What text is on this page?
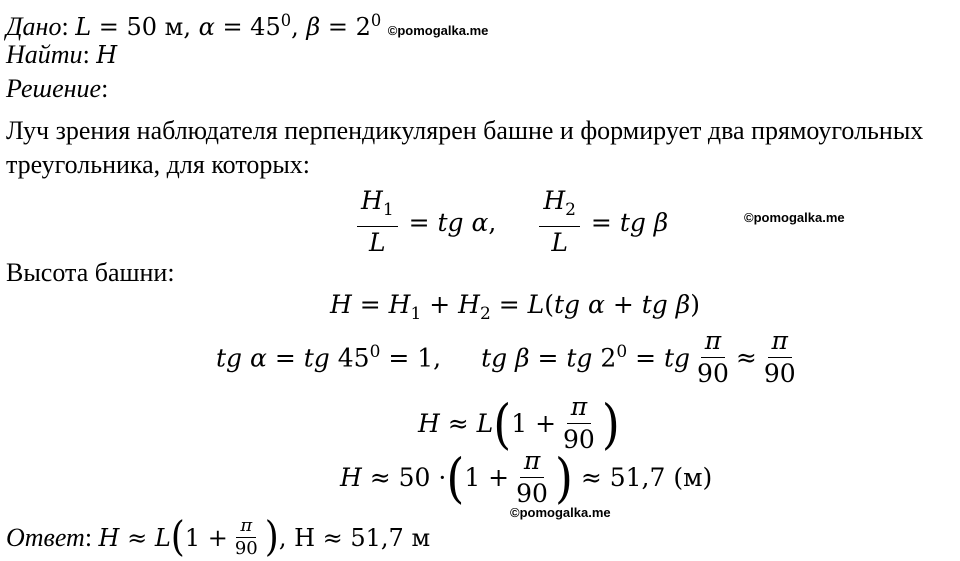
Дано: L = 50 м, $\alpha = 45^0$, $\beta = 2^0$ ©pomogalka.me
Найти: H
Решение:
Луч зрения наблюдателя перпендикулярен башне и формирует два прямоугольных
треугольника, для которых:
$\frac{H_1}{L}$ = tg α, $\frac{H_2}{L}$ = tg β	©pomogalka.me
Высота башни:
$H = H_1 + H_2 = L(tg$ α + tg β)
tg α = tg $45^0 = 1$, tg β = tg $2^0$ = tg $\frac{\pi}{90} \approx \frac{\pi}{90}$
H ≈ L ( $1 + \frac{\pi}{90}$ )
H ≈ 50 · ( $1 + \frac{\pi}{90}$ ) ≈ 51,7 (м)
©pomogalka.me
Ответ : H ≈ L ( $1 + \frac{\pi}{90}$ ) , H ≈ 51,7 м
